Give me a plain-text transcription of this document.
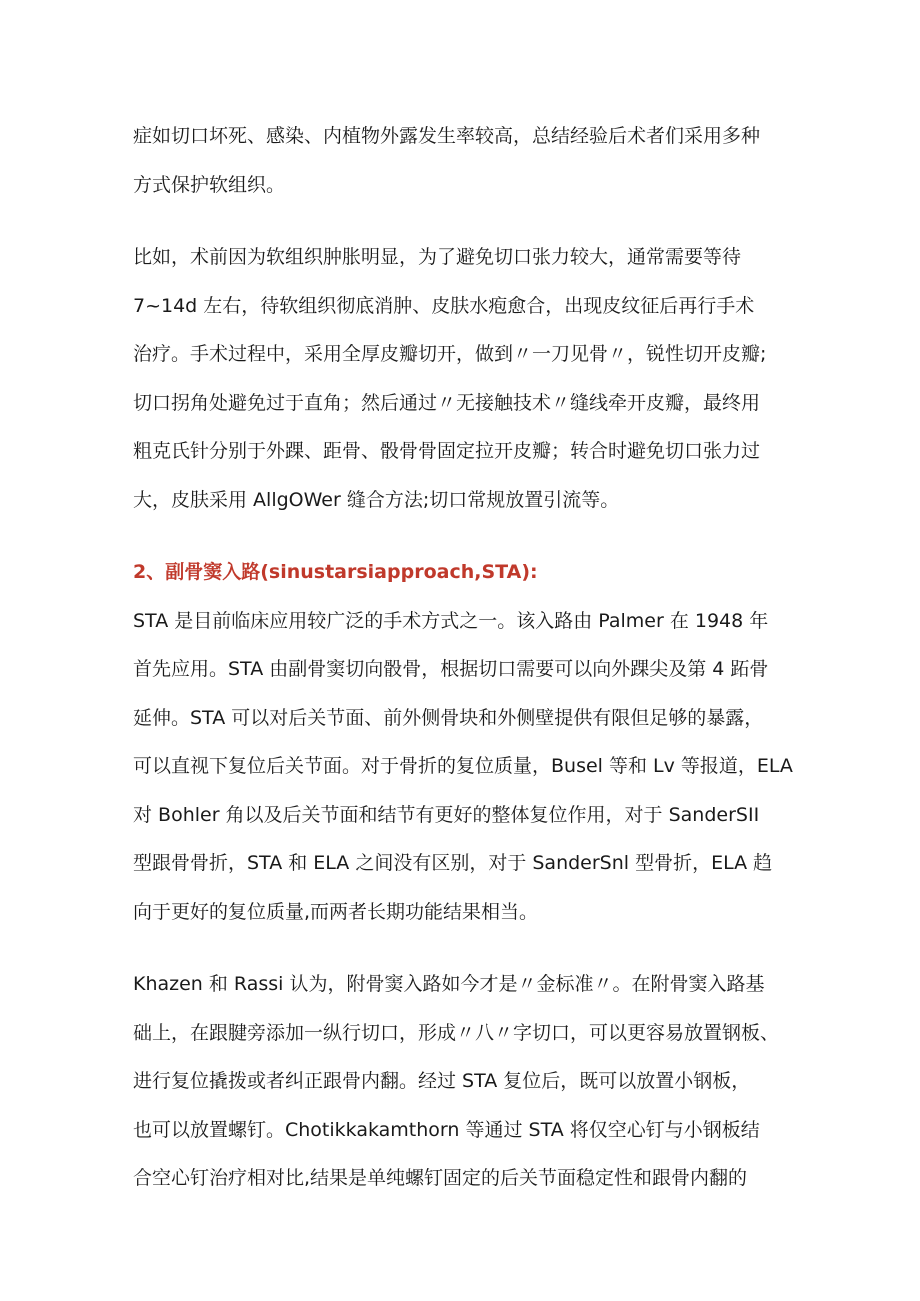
症如切口坏死、感染、内植物外露发生率较高，总结经验后术者们采用多种
方式保护软组织。
比如，术前因为软组织肿胀明显，为了避免切口张力较大，通常需要等待
7~14d 左右，待软组织彻底消肿、皮肤水疱愈合，出现皮纹征后再行手术
治疗。手术过程中，采用全厚皮瓣切开，做到〃一刀见骨〃，锐性切开皮瓣;
切口拐角处避免过于直角；然后通过〃无接触技术〃缝线牵开皮瓣，最终用
粗克氏针分别于外踝、距骨、骰骨骨固定拉开皮瓣；转合时避免切口张力过
大，皮肤采用 AllgOWer 缝合方法;切口常规放置引流等。
2、副骨窦入路(sinustarsiapproach,STA):
STA 是目前临床应用较广泛的手术方式之一。该入路由 Palmer 在 1948 年
首先应用。STA 由副骨窦切向骰骨，根据切口需要可以向外踝尖及第 4 跖骨
延伸。STA 可以对后关节面、前外侧骨块和外侧壁提供有限但足够的暴露，
可以直视下复位后关节面。对于骨折的复位质量，Busel 等和 Lv 等报道，ELA
对 Bohler 角以及后关节面和结节有更好的整体复位作用，对于 SanderSII
型跟骨骨折，STA 和 ELA 之间没有区别，对于 SanderSnl 型骨折，ELA 趋
向于更好的复位质量,而两者长期功能结果相当。
Khazen 和 Rassi 认为，附骨窦入路如今才是〃金标准〃。在附骨窦入路基
础上，在跟腱旁添加一纵行切口，形成〃八〃字切口，可以更容易放置钢板、
进行复位撬拨或者纠正跟骨内翻。经过 STA 复位后，既可以放置小钢板，
也可以放置螺钉。Chotikkakamthorn 等通过 STA 将仅空心钉与小钢板结
合空心钉治疗相对比,结果是单纯螺钉固定的后关节面稳定性和跟骨内翻的
